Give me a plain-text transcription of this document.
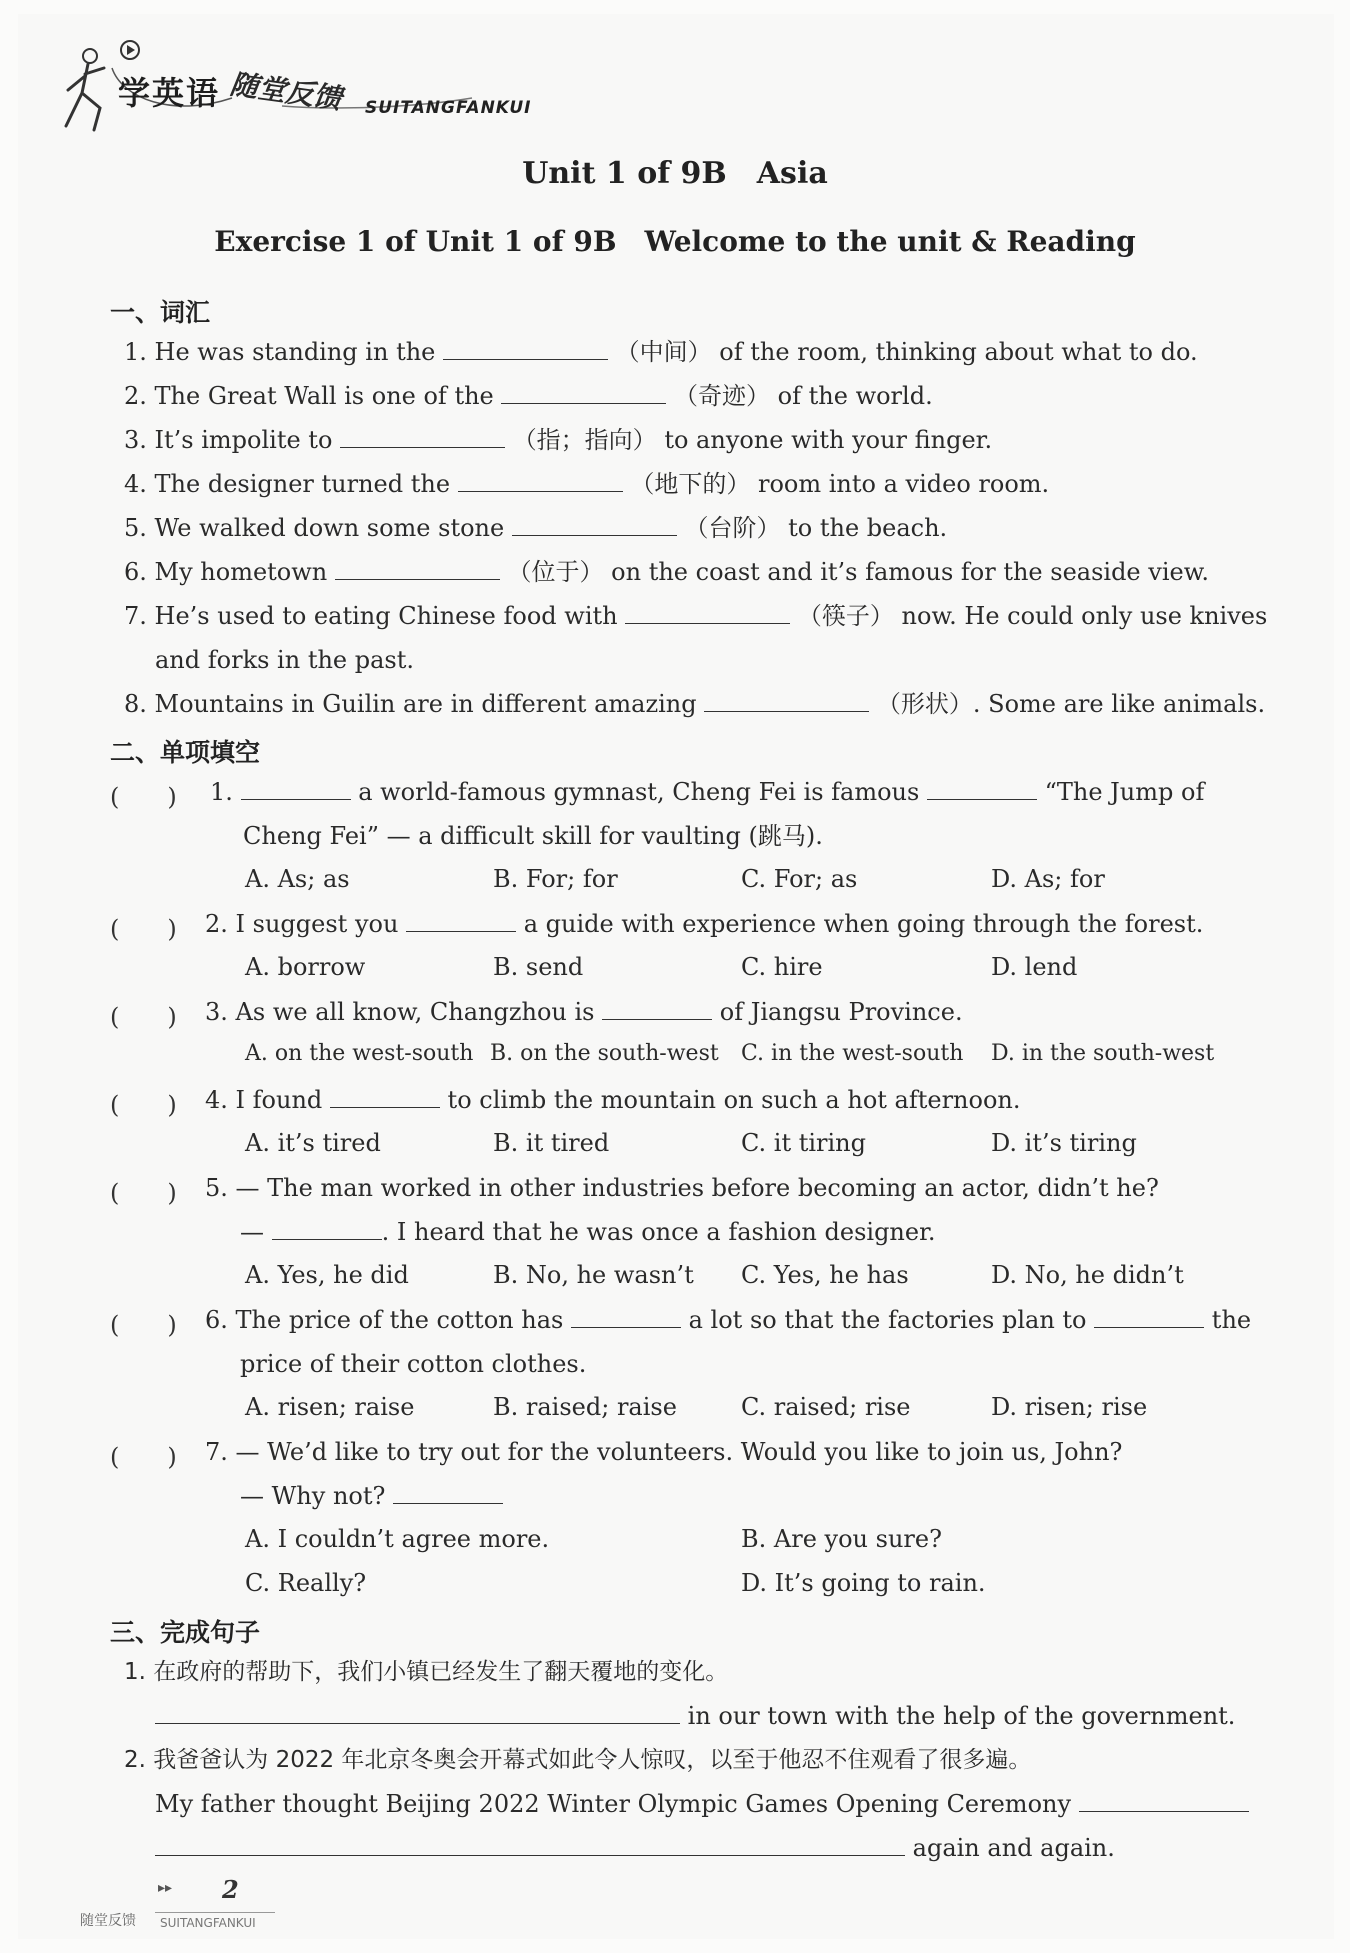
学英语 随堂反馈 SUITANGFANKUI
Unit 1 of 9B　Asia
Exercise 1 of Unit 1 of 9B　Welcome to the unit & Reading
一、词汇
1. He was standing in the	（中间） of the room, thinking about what to do.
2. The Great Wall is one of the	（奇迹） of the world.
3. It’s impolite to	（指；指向） to anyone with your finger.
4. The designer turned the	（地下的） room into a video room.
5. We walked down some stone	（台阶） to the beach.
6. My hometown	（位于） on the coast and it’s famous for the seaside view.
7. He’s used to eating Chinese food with	（筷子） now. He could only use knives
and forks in the past.
8. Mountains in Guilin are in different amazing	（形状）. Some are like animals.
二、单项填空
(　　) 1.	a world-famous gymnast, Cheng Fei is famous	“The Jump of
Cheng Fei” — a difficult skill for vaulting (跳马).
A. As; as	B. For; for	C. For; as	D. As; for
(　　) 2. I suggest you	a guide with experience when going through the forest.
A. borrow	B. send	C. hire	D. lend
(　　) 3. As we all know, Changzhou is	of Jiangsu Province.
A. on the west-south B. on the south-west C. in the west-south D. in the south-west
(　　) 4. I found	to climb the mountain on such a hot afternoon.
A. it’s tired	B. it tired	C. it tiring	D. it’s tiring
(　　) 5. — The man worked in other industries before becoming an actor, didn’t he?
—	. I heard that he was once a fashion designer.
A. Yes, he did	B. No, he wasn’t C. Yes, he has	D. No, he didn’t
(　　) 6. The price of the cotton has	a lot so that the factories plan to	the
price of their cotton clothes.
A. risen; raise	B. raised; raise	C. raised; rise	D. risen; rise
(　　) 7. — We’d like to try out for the volunteers. Would you like to join us, John?
— Why not?
A. I couldn’t agree more.	B. Are you sure?
C. Really?	D. It’s going to rain.
三、完成句子
1. 在政府的帮助下，我们小镇已经发生了翻天覆地的变化。
in our town with the help of the government.
2. 我爸爸认为 2022 年北京冬奥会开幕式如此令人惊叹，以至于他忍不住观看了很多遍。
My father thought Beijing 2022 Winter Olympic Games Opening Ceremony
again and again.
▸▸ 2
随堂反馈 SUITANGFANKUI
